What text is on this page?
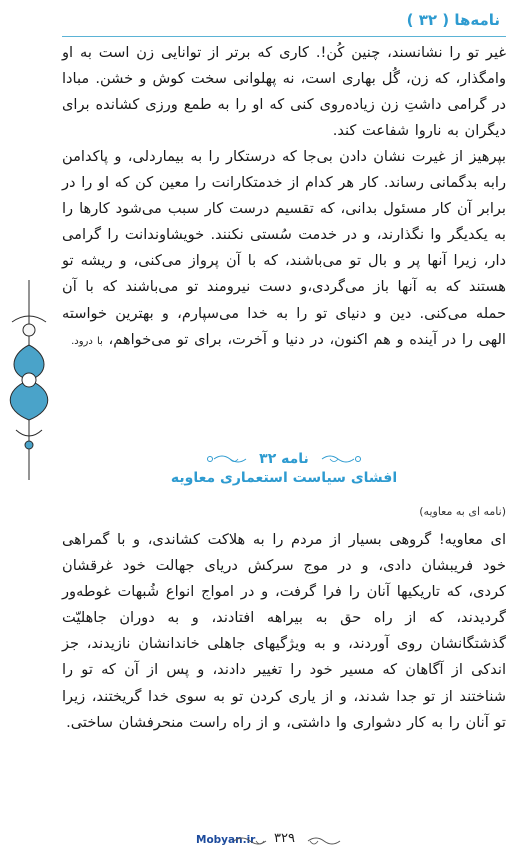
نامه‌ها ( ۳۲ )
غیر تو را نشانسند، چنین کُن!. کاری که برتر از توانایی زن است به او وامگذار، که زن، گُل بهاری است، نه پهلوانی سخت کوش و خشن. مبادا در گرامی داشتِ زن زیاده‌روی کنی که او را به طمع ورزی کشانده برای دیگران به ناروا شفاعت کند.
بپرهیز از غیرت نشان دادن بی‌جا که درستکار را به بیماردلی، و پاکدامن رابه بدگمانی رساند. کار هر کدام از خدمتکارانت را معین کن که او را در برابر آن کار مسئول بدانی، که تقسیم درست کار سبب می‌شود کارها را به یکدیگر وا نگذارند، و در خدمت سُستی نکنند. خویشاوندانت را گرامی دار، زیرا آنها پر و بال تو می‌باشند، که با آن پرواز می‌کنی، و ریشه تو هستند که به آنها باز می‌گردی،و دست نیرومند تو می‌باشند که با آن حمله می‌کنی. دین و دنیای تو را به خدا می‌سپارم، و بهترین خواسته الهی را در آینده و هم اکنون، در دنیا و آخرت، برای تو می‌خواهم، با درود.
نامه ۳۲
افشای سیاست استعماری معاویه
(نامه ای به معاویه)
ای معاویه! گروهی بسیار از مردم را به هلاکت کشاندی، و با گمراهی خود فریبشان دادی، و در موج سرکش دریای جهالت خود غرقشان کردی، که تاریکیها آنان را فرا گرفت، و در امواج انواع شُبهات غوطه‌ور گردیدند، که از راه حق به بیراهه افتادند، و به دوران جاهلیّت گذشتگانشان روی آوردند، و به ویژگیهای جاهلی خاندانشان نازیدند، جز اندکی از آگاهان که مسیر خود را تغییر دادند، و پس از آن که تو را شناختند از تو جدا شدند، و از یاری کردن تو به سوی خدا گریختند، زیرا تو آنان را به کار دشواری وا داشتی، و از راه راست منحرفشان ساختی.
Mobyan.ir ۳۲۹
